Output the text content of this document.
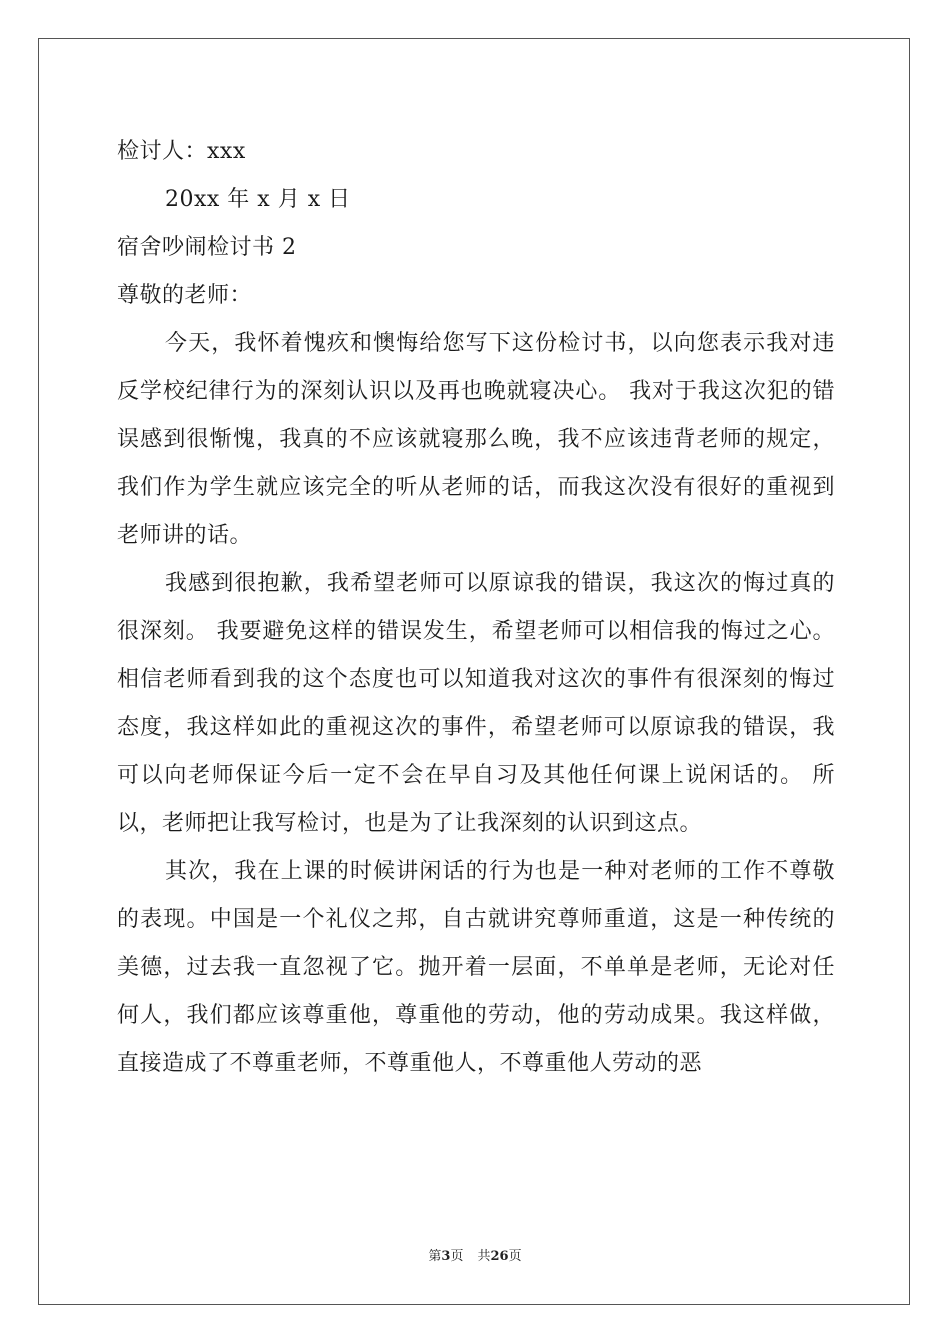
检讨人：xxx

20xx 年 x 月 x 日

宿舍吵闹检讨书 2

尊敬的老师：

今天，我怀着愧疚和懊悔给您写下这份检讨书，以向您表示我对违反学校纪律行为的深刻认识以及再也晚就寝决心。 我对于我这次犯的错误感到很惭愧，我真的不应该就寝那么晚，我不应该违背老师的规定，我们作为学生就应该完全的听从老师的话，而我这次没有很好的重视到老师讲的话。

我感到很抱歉，我希望老师可以原谅我的错误，我这次的悔过真的很深刻。 我要避免这样的错误发生，希望老师可以相信我的悔过之心。 相信老师看到我的这个态度也可以知道我对这次的事件有很深刻的悔过态度，我这样如此的重视这次的事件，希望老师可以原谅我的错误，我可以向老师保证今后一定不会在早自习及其他任何课上说闲话的。 所以，老师把让我写检讨，也是为了让我深刻的认识到这点。

其次，我在上课的时候讲闲话的行为也是一种对老师的工作不尊敬的表现。中国是一个礼仪之邦，自古就讲究尊师重道，这是一种传统的美德，过去我一直忽视了它。抛开着一层面，不单单是老师，无论对任何人，我们都应该尊重他，尊重他的劳动，他的劳动成果。我这样做，直接造成了不尊重老师，不尊重他人，不尊重他人劳动的恶

第3页 共26页
